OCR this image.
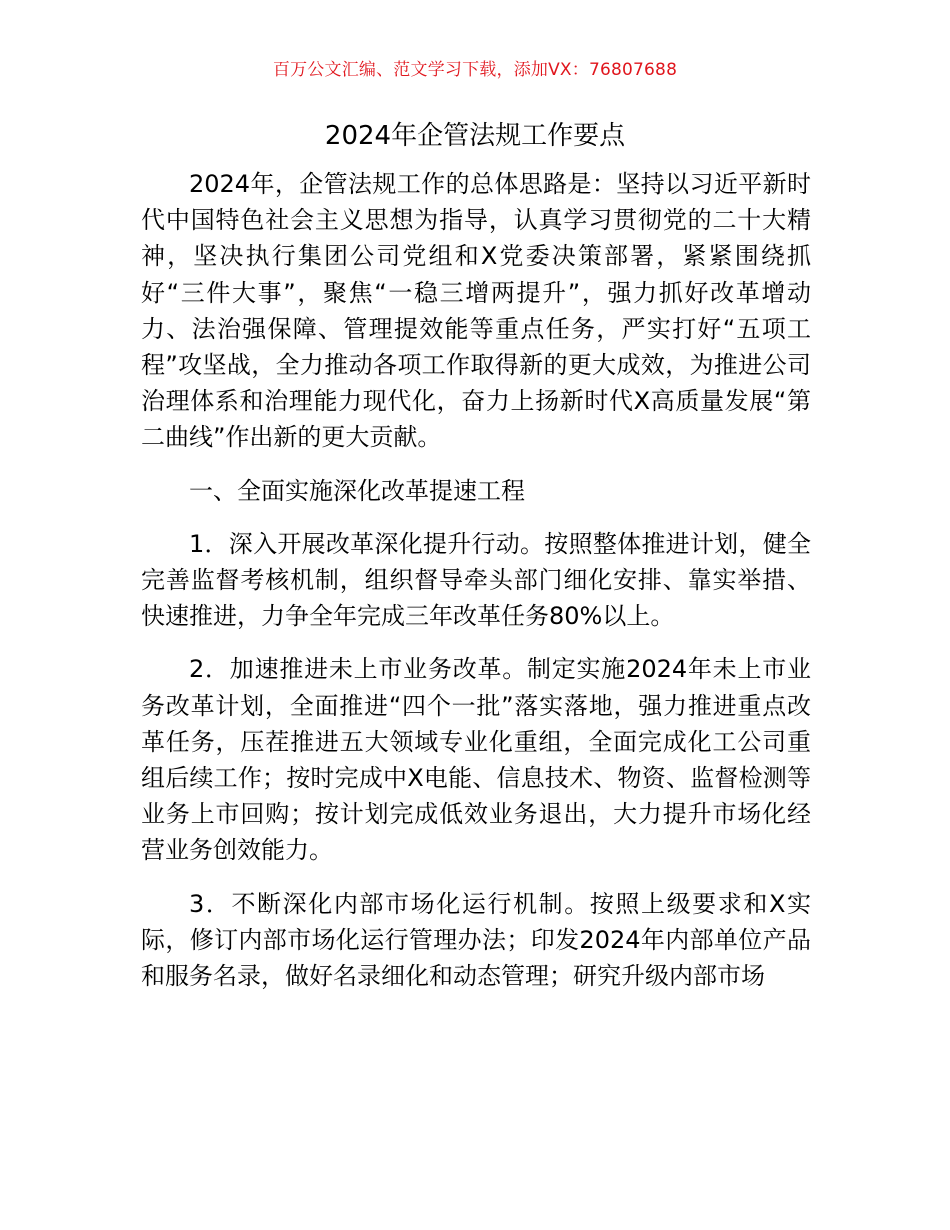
百万公文汇编、范文学习下载，添加VX：76807688
2024年企管法规工作要点

2024年，企管法规工作的总体思路是：坚持以习近平新时代中国特色社会主义思想为指导，认真学习贯彻党的二十大精神，坚决执行集团公司党组和X党委决策部署，紧紧围绕抓好“三件大事”，聚焦“一稳三增两提升”，强力抓好改革增动力、法治强保障、管理提效能等重点任务，严实打好“五项工程”攻坚战，全力推动各项工作取得新的更大成效，为推进公司治理体系和治理能力现代化，奋力上扬新时代X高质量发展“第二曲线”作出新的更大贡献。

一、全面实施深化改革提速工程

1．深入开展改革深化提升行动。按照整体推进计划，健全完善监督考核机制，组织督导牵头部门细化安排、靠实举措、快速推进，力争全年完成三年改革任务80%以上。

2．加速推进未上市业务改革。制定实施2024年未上市业务改革计划，全面推进“四个一批”落实落地，强力推进重点改革任务，压茬推进五大领域专业化重组，全面完成化工公司重组后续工作；按时完成中X电能、信息技术、物资、监督检测等业务上市回购；按计划完成低效业务退出，大力提升市场化经营业务创效能力。

3．不断深化内部市场化运行机制。按照上级要求和X实际，修订内部市场化运行管理办法；印发2024年内部单位产品和服务名录，做好名录细化和动态管理；研究升级内部市场
